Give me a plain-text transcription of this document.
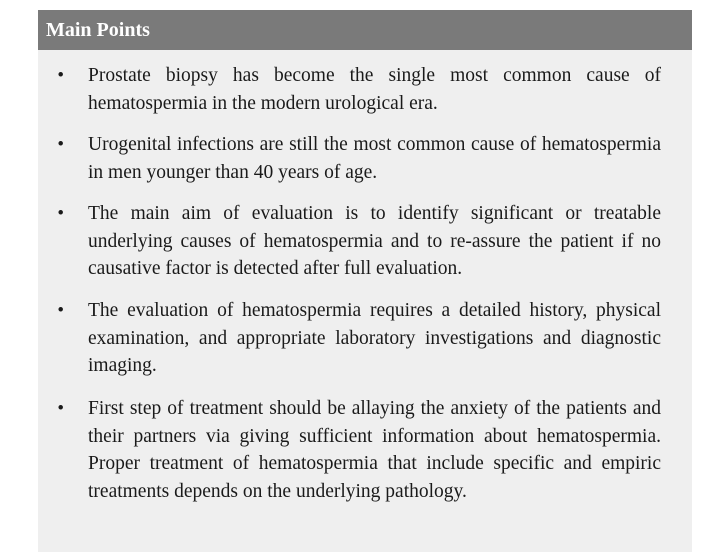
Main Points
•	Prostate biopsy has become the single most common cause of hematospermia in the modern urological era.
•	Urogenital infections are still the most common cause of hematospermia in men younger than 40 years of age.
•	The main aim of evaluation is to identify significant or treatable underlying causes of hematospermia and to re-assure the patient if no causative factor is detected after full evaluation.
•	The evaluation of hematospermia requires a detailed history, physical examination, and appropriate laboratory investigations and diagnostic imaging.
•	First step of treatment should be allaying the anxiety of the patients and their partners via giving sufficient information about hematospermia. Proper treatment of hematospermia that include specific and empiric treatments depends on the underlying pathology.
